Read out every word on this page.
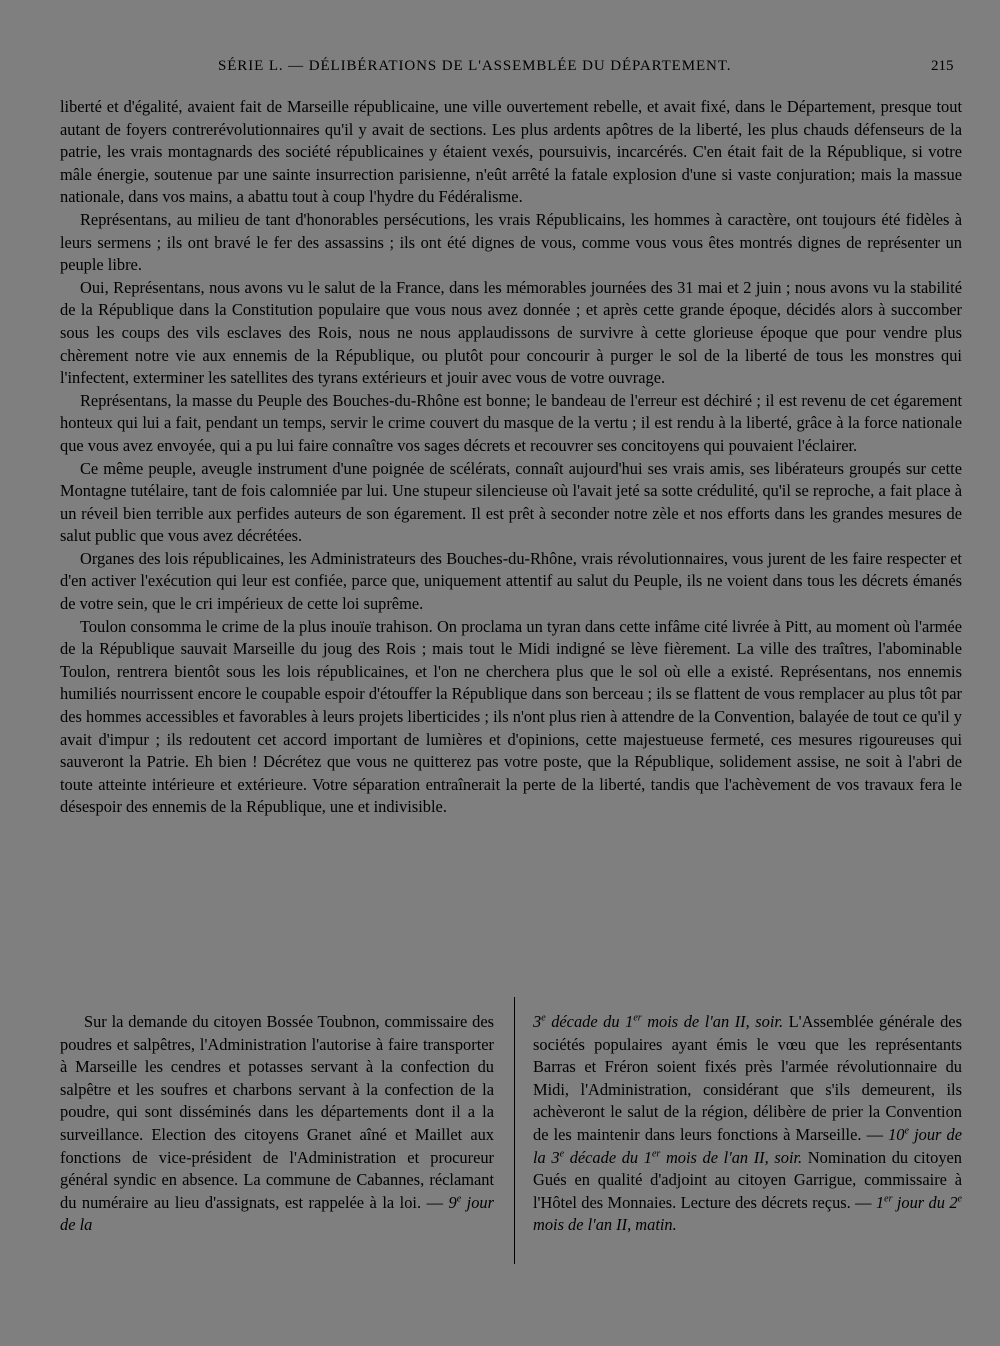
SÉRIE L. — DÉLIBÉRATIONS DE L'ASSEMBLÉE DU DÉPARTEMENT.	215

liberté et d'égalité, avaient fait de Marseille républicaine, une ville ouvertement rebelle, et avait fixé, dans le Département, presque tout autant de foyers contrerévolutionnaires qu'il y avait de sections. Les plus ardents apôtres de la liberté, les plus chauds défenseurs de la patrie, les vrais montagnards des société républicaines y étaient vexés, poursuivis, incarcérés. C'en était fait de la République, si votre mâle énergie, soutenue par une sainte insurrection parisienne, n'eût arrêté la fatale explosion d'une si vaste conjuration; mais la massue nationale, dans vos mains, a abattu tout à coup l'hydre du Fédéralisme.

Représentans, au milieu de tant d'honorables persécutions, les vrais Républicains, les hommes à caractère, ont toujours été fidèles à leurs sermens ; ils ont bravé le fer des assassins ; ils ont été dignes de vous, comme vous vous êtes montrés dignes de représenter un peuple libre.

Oui, Représentans, nous avons vu le salut de la France, dans les mémorables journées des 31 mai et 2 juin ; nous avons vu la stabilité de la République dans la Constitution populaire que vous nous avez donnée ; et après cette grande époque, décidés alors à succomber sous les coups des vils esclaves des Rois, nous ne nous applaudissons de survivre à cette glorieuse époque que pour vendre plus chèrement notre vie aux ennemis de la République, ou plutôt pour concourir à purger le sol de la liberté de tous les monstres qui l'infectent, exterminer les satellites des tyrans extérieurs et jouir avec vous de votre ouvrage.

Représentans, la masse du Peuple des Bouches-du-Rhône est bonne; le bandeau de l'erreur est déchiré ; il est revenu de cet égarement honteux qui lui a fait, pendant un temps, servir le crime couvert du masque de la vertu ; il est rendu à la liberté, grâce à la force nationale que vous avez envoyée, qui a pu lui faire connaître vos sages décrets et recouvrer ses concitoyens qui pouvaient l'éclairer.

Ce même peuple, aveugle instrument d'une poignée de scélérats, connaît aujourd'hui ses vrais amis, ses libérateurs groupés sur cette Montagne tutélaire, tant de fois calomniée par lui. Une stupeur silencieuse où l'avait jeté sa sotte crédulité, qu'il se reproche, a fait place à un réveil bien terrible aux perfides auteurs de son égarement. Il est prêt à seconder notre zèle et nos efforts dans les grandes mesures de salut public que vous avez décrétées.

Organes des lois républicaines, les Administrateurs des Bouches-du-Rhône, vrais révolutionnaires, vous jurent de les faire respecter et d'en activer l'exécution qui leur est confiée, parce que, uniquement attentif au salut du Peuple, ils ne voient dans tous les décrets émanés de votre sein, que le cri impérieux de cette loi suprême.

Toulon consomma le crime de la plus inouïe trahison. On proclama un tyran dans cette infâme cité livrée à Pitt, au moment où l'armée de la République sauvait Marseille du joug des Rois ; mais tout le Midi indigné se lève fièrement. La ville des traîtres, l'abominable Toulon, rentrera bientôt sous les lois républicaines, et l'on ne cherchera plus que le sol où elle a existé. Représentans, nos ennemis humiliés nourrissent encore le coupable espoir d'étouffer la République dans son berceau ; ils se flattent de vous remplacer au plus tôt par des hommes accessibles et favorables à leurs projets liberticides ; ils n'ont plus rien à attendre de la Convention, balayée de tout ce qu'il y avait d'impur ; ils redoutent cet accord important de lumières et d'opinions, cette majestueuse fermeté, ces mesures rigoureuses qui sauveront la Patrie. Eh bien ! Décrétez que vous ne quitterez pas votre poste, que la République, solidement assise, ne soit à l'abri de toute atteinte intérieure et extérieure. Votre séparation entraînerait la perte de la liberté, tandis que l'achèvement de vos travaux fera le désespoir des ennemis de la République, une et indivisible.

Sur la demande du citoyen Bossée Toubnon, commissaire des poudres et salpêtres, l'Administration l'autorise à faire transporter à Marseille les cendres et potasses servant à la confection du salpêtre et les soufres et charbons servant à la confection de la poudre, qui sont disséminés dans les départements dont il a la surveillance. Election des citoyens Granet aîné et Maillet aux fonctions de vice-président de l'Administration et procureur général syndic en absence. La commune de Cabannes, réclamant du numéraire au lieu d'assignats, est rappelée à la loi. — 9e jour de la

3e décade du 1er mois de l'an II, soir. L'Assemblée générale des sociétés populaires ayant émis le vœu que les représentants Barras et Fréron soient fixés près l'armée révolutionnaire du Midi, l'Administration, considérant que s'ils demeurent, ils achèveront le salut de la région, délibère de prier la Convention de les maintenir dans leurs fonctions à Marseille. — 10e jour de la 3e décade du 1er mois de l'an II, soir. Nomination du citoyen Gués en qualité d'adjoint au citoyen Garrigue, commissaire à l'Hôtel des Monnaies. Lecture des décrets reçus. — 1er jour du 2e mois de l'an II, matin.
